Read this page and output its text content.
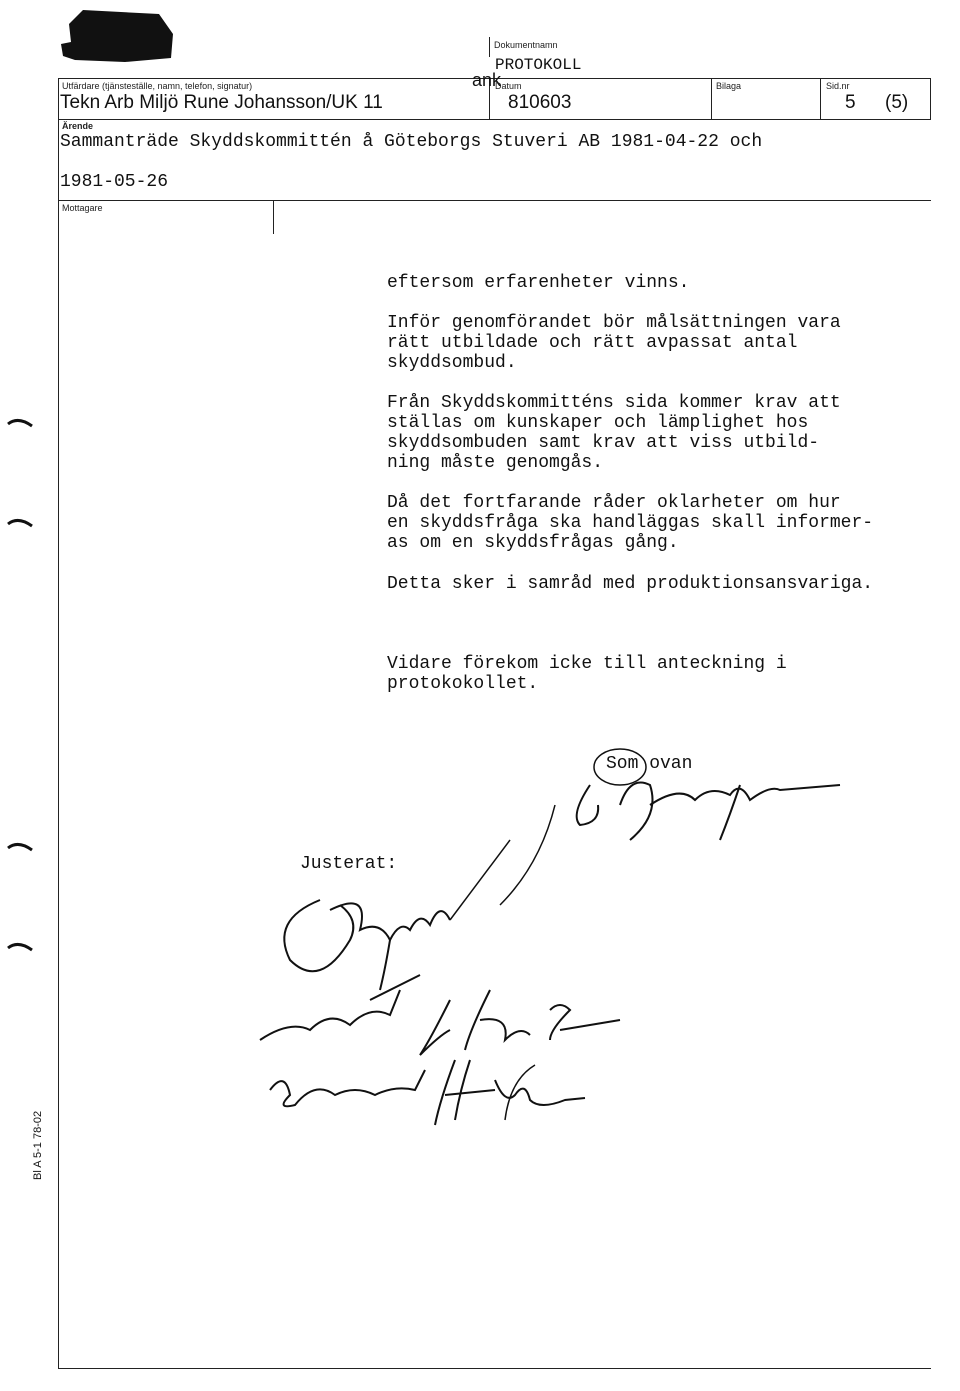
Dokumentnamn
PROTOKOLL
Utfärdare (tjänsteställe, namn, telefon, signatur)
Tekn Arb Miljö Rune Johansson/UK 11
ank
Datum
810603
Bilaga	Sid.nr
5 (5)
Ärende
Sammanträde Skyddskommittén å Göteborgs Stuveri AB 1981-04-22 och
1981-05-26
Mottagare
eftersom erfarenheter vinns.
Inför genomförandet bör målsättningen vara
rätt utbildade och rätt avpassat antal
skyddsombud.
Från Skyddskommitténs sida kommer krav att
ställas om kunskaper och lämplighet hos
skyddsombuden samt krav att viss utbild-
ning måste genomgås.
Då det fortfarande råder oklarheter om hur
en skyddsfråga ska handläggas skall informer-
as om en skyddsfrågas gång.
Detta sker i samråd med produktionsansvariga.
Vidare förekom icke till anteckning i
protokokollet.
Som ovan
Justerat:
Bl A 5-1 78-02
